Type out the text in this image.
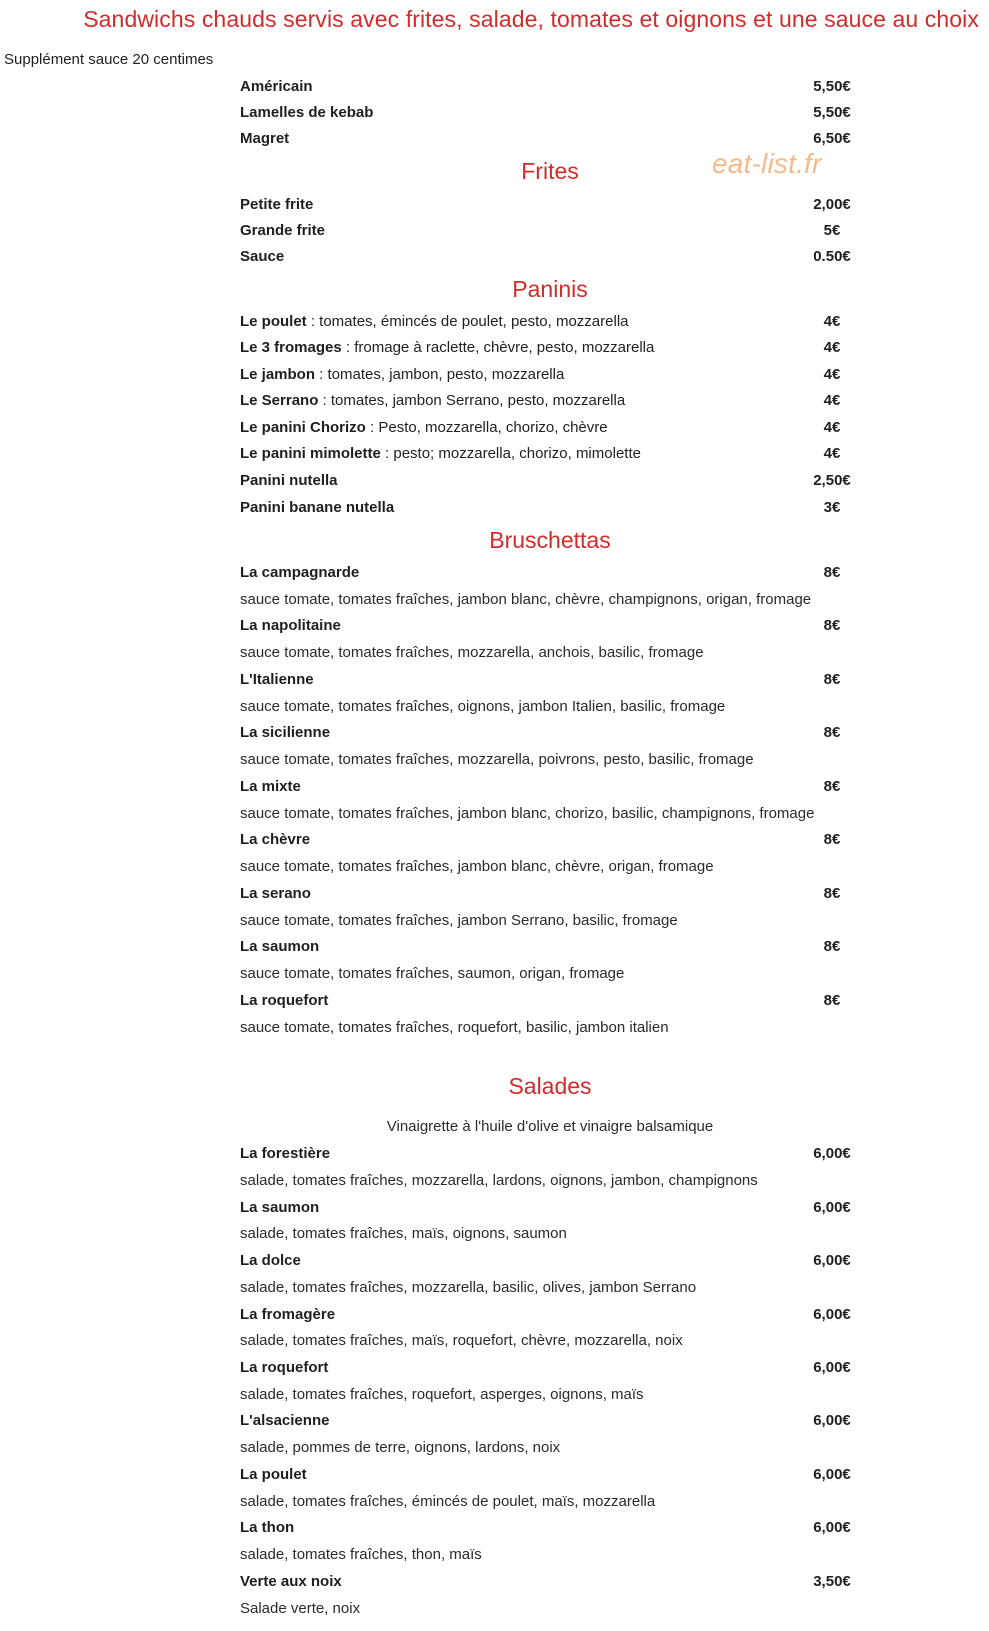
Sandwichs chauds servis avec frites, salade, tomates et oignons et une sauce au choix
Supplément sauce 20 centimes
eat-list.fr
Américain	5,50€
Lamelles de kebab	5,50€
Magret	6,50€
Frites
Petite frite	2,00€
Grande frite	5€
Sauce	0.50€
Paninis
Le poulet : tomates, émincés de poulet, pesto, mozzarella	4€
Le 3 fromages : fromage à raclette, chèvre, pesto, mozzarella	4€
Le jambon : tomates, jambon, pesto, mozzarella	4€
Le Serrano : tomates, jambon Serrano, pesto, mozzarella	4€
Le panini Chorizo : Pesto, mozzarella, chorizo, chèvre	4€
Le panini mimolette : pesto; mozzarella, chorizo, mimolette	4€
Panini nutella	2,50€
Panini banane nutella	3€
Bruschettas
La campagnarde	8€
sauce tomate, tomates fraîches, jambon blanc, chèvre, champignons, origan, fromage
La napolitaine	8€
sauce tomate, tomates fraîches, mozzarella, anchois, basilic, fromage
L'Italienne	8€
sauce tomate, tomates fraîches, oignons, jambon Italien, basilic, fromage
La sicilienne	8€
sauce tomate, tomates fraîches, mozzarella, poivrons, pesto, basilic, fromage
La mixte	8€
sauce tomate, tomates fraîches, jambon blanc, chorizo, basilic, champignons, fromage
La chèvre	8€
sauce tomate, tomates fraîches, jambon blanc, chèvre, origan, fromage
La serano	8€
sauce tomate, tomates fraîches, jambon Serrano, basilic, fromage
La saumon	8€
sauce tomate, tomates fraîches, saumon, origan, fromage
La roquefort	8€
sauce tomate, tomates fraîches, roquefort, basilic, jambon italien
Salades
Vinaigrette à l'huile d'olive et vinaigre balsamique
La forestière	6,00€
salade, tomates fraîches, mozzarella, lardons, oignons, jambon, champignons
La saumon	6,00€
salade, tomates fraîches, maïs, oignons, saumon
La dolce	6,00€
salade, tomates fraîches, mozzarella, basilic, olives, jambon Serrano
La fromagère	6,00€
salade, tomates fraîches, maïs, roquefort, chèvre, mozzarella, noix
La roquefort	6,00€
salade, tomates fraîches, roquefort, asperges, oignons, maïs
L'alsacienne	6,00€
salade, pommes de terre, oignons, lardons, noix
La poulet	6,00€
salade, tomates fraîches, émincés de poulet, maïs, mozzarella
La thon	6,00€
salade, tomates fraîches, thon, maïs
Verte aux noix	3,50€
Salade verte, noix
